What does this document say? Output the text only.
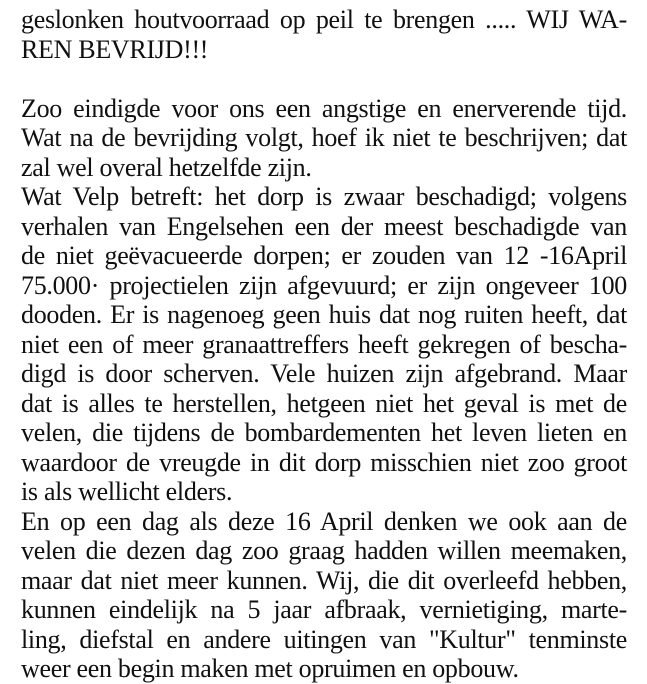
geslonken houtvoorraad op peil te brengen ..... WIJ WA-
REN BEVRIJD!!!
Zoo eindigde voor ons een angstige en enerverende tijd.
Wat na de bevrijding volgt, hoef ik niet te beschrijven; dat
zal wel overal hetzelfde zijn.
Wat Velp betreft: het dorp is zwaar beschadigd; volgens
verhalen van Engelsehen een der meest beschadigde van
de niet geëvacueerde dorpen; er zouden van 12 -16April
75.000· projectielen zijn afgevuurd; er zijn ongeveer 100
dooden. Er is nagenoeg geen huis dat nog ruiten heeft, dat
niet een of meer granaattreffers heeft gekregen of bescha-
digd is door scherven. Vele huizen zijn afgebrand. Maar
dat is alles te herstellen, hetgeen niet het geval is met de
velen, die tijdens de bombardementen het leven lieten en
waardoor de vreugde in dit dorp misschien niet zoo groot
is als wellicht elders.
En op een dag als deze 16 April denken we ook aan de
velen die dezen dag zoo graag hadden willen meemaken,
maar dat niet meer kunnen. Wij, die dit overleefd hebben,
kunnen eindelijk na 5 jaar afbraak, vernietiging, marte-
ling, diefstal en andere uitingen van "Kultur" tenminste
weer een begin maken met opruimen en opbouw.
